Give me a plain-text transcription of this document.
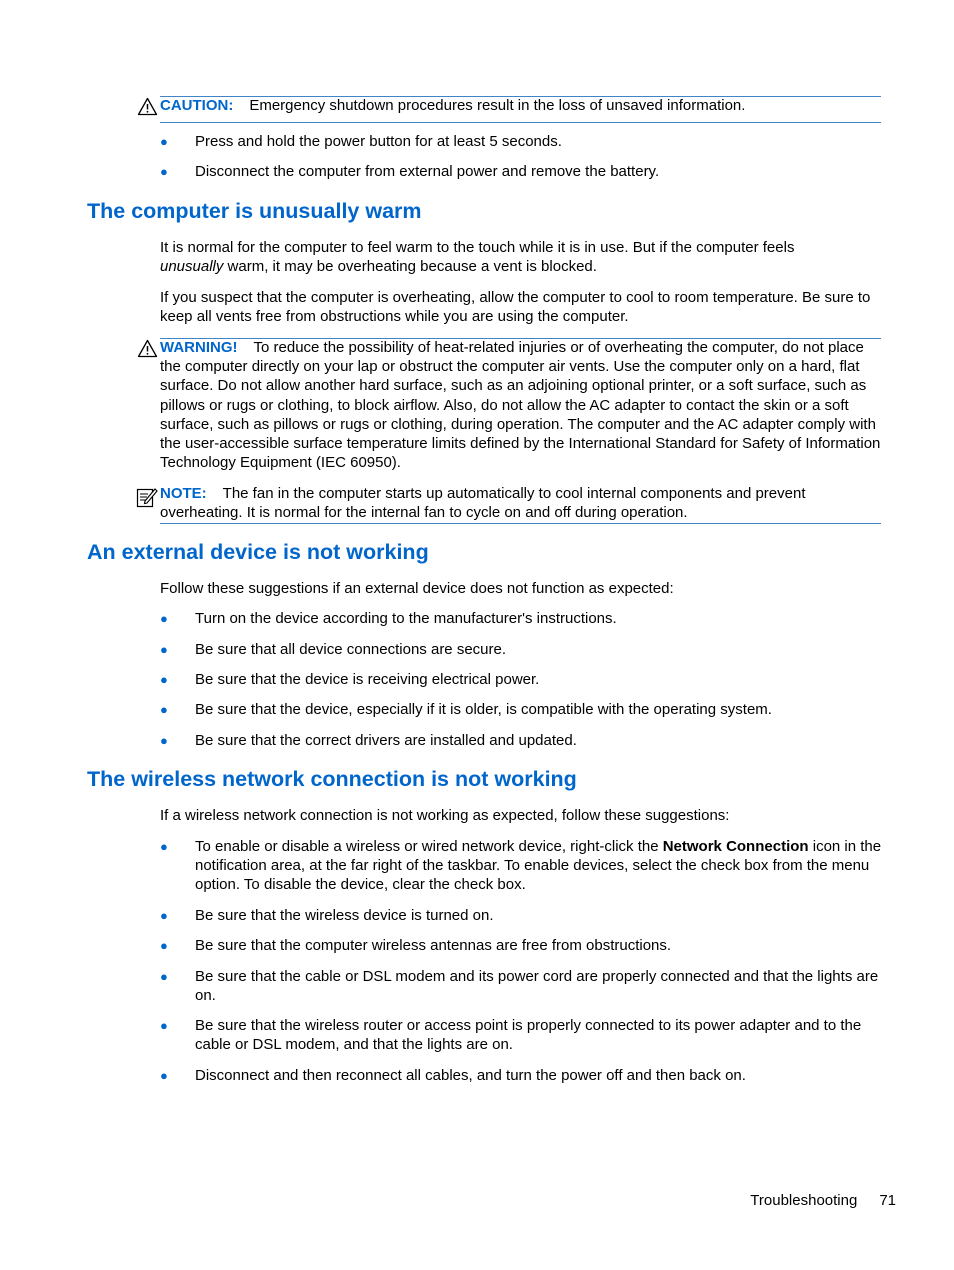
CAUTION: Emergency shutdown procedures result in the loss of unsaved information.
● Press and hold the power button for at least 5 seconds.
● Disconnect the computer from external power and remove the battery.
The computer is unusually warm
It is normal for the computer to feel warm to the touch while it is in use. But if the computer feels
unusually warm, it may be overheating because a vent is blocked.
If you suspect that the computer is overheating, allow the computer to cool to room temperature. Be sure to keep all vents free from obstructions while you are using the computer.
WARNING! To reduce the possibility of heat-related injuries or of overheating the computer, do not place the computer directly on your lap or obstruct the computer air vents. Use the computer only on a hard, flat surface. Do not allow another hard surface, such as an adjoining optional printer, or a soft surface, such as pillows or rugs or clothing, to block airflow. Also, do not allow the AC adapter to contact the skin or a soft surface, such as pillows or rugs or clothing, during operation. The computer and the AC adapter comply with the user-accessible surface temperature limits defined by the International Standard for Safety of Information Technology Equipment (IEC 60950).
NOTE: The fan in the computer starts up automatically to cool internal components and prevent overheating. It is normal for the internal fan to cycle on and off during operation.
An external device is not working
Follow these suggestions if an external device does not function as expected:
● Turn on the device according to the manufacturer's instructions.
● Be sure that all device connections are secure.
● Be sure that the device is receiving electrical power.
● Be sure that the device, especially if it is older, is compatible with the operating system.
● Be sure that the correct drivers are installed and updated.
The wireless network connection is not working
If a wireless network connection is not working as expected, follow these suggestions:
● To enable or disable a wireless or wired network device, right-click the Network Connection icon in the notification area, at the far right of the taskbar. To enable devices, select the check box from the menu option. To disable the device, clear the check box.
● Be sure that the wireless device is turned on.
● Be sure that the computer wireless antennas are free from obstructions.
● Be sure that the cable or DSL modem and its power cord are properly connected and that the lights are on.
● Be sure that the wireless router or access point is properly connected to its power adapter and to the cable or DSL modem, and that the lights are on.
● Disconnect and then reconnect all cables, and turn the power off and then back on.
Troubleshooting 71
